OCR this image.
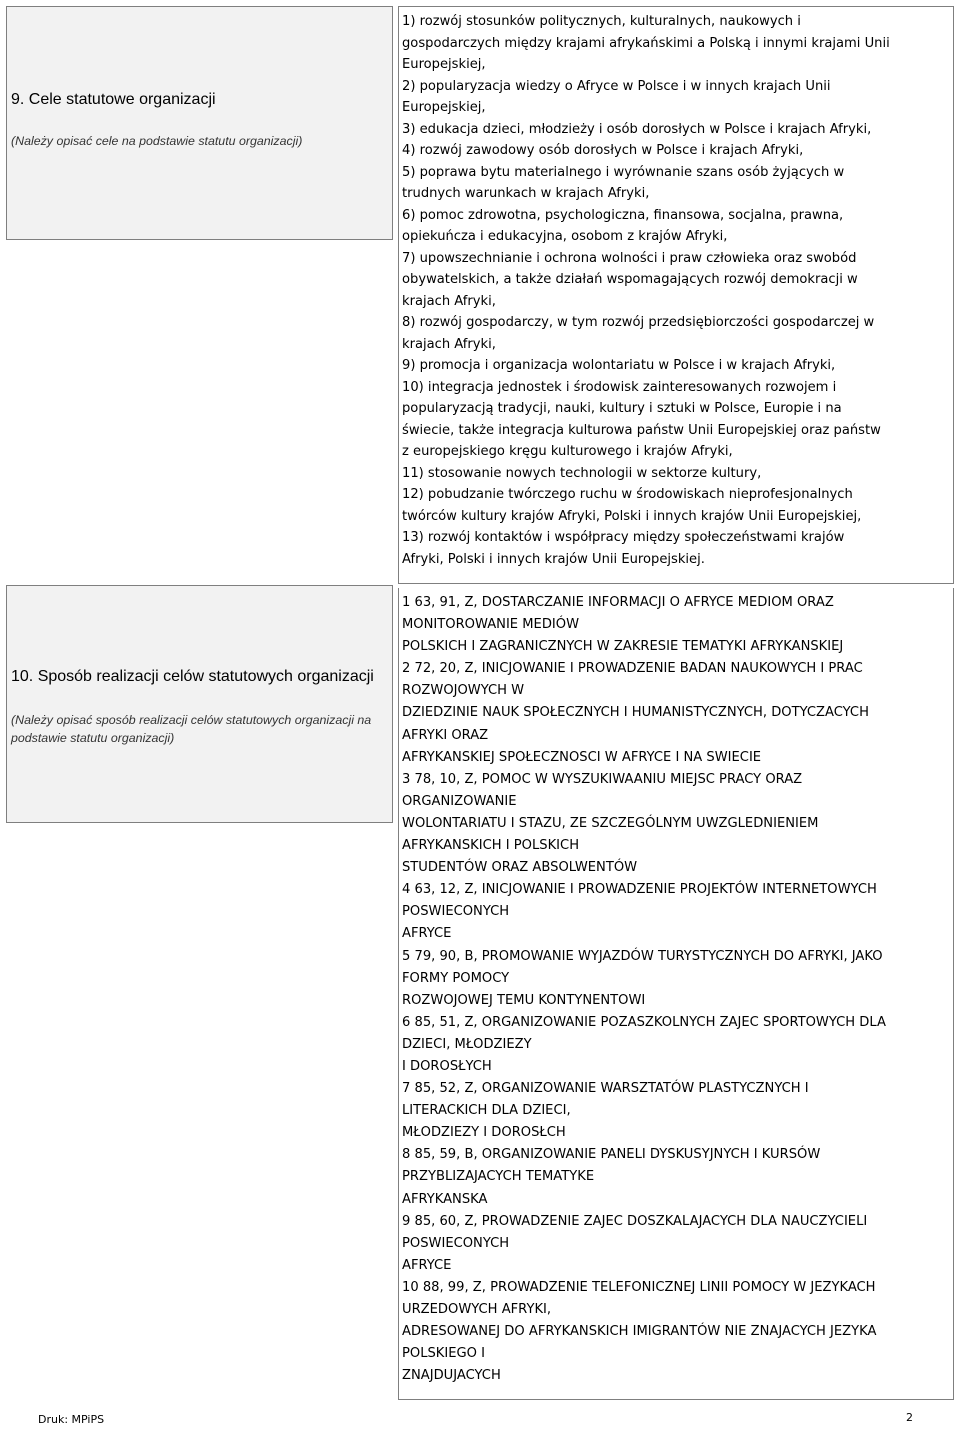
9. Cele statutowe organizacji

(Należy opisać cele na podstawie statutu organizacji)

1) rozwój stosunków politycznych, kulturalnych, naukowych i
gospodarczych między krajami afrykańskimi a Polską i innymi krajami Unii
Europejskiej,
2) popularyzacja wiedzy o Afryce w Polsce i w innych krajach Unii
Europejskiej,
3) edukacja dzieci, młodzieży i osób dorosłych w Polsce i krajach Afryki,
4) rozwój zawodowy osób dorosłych w Polsce i krajach Afryki,
5) poprawa bytu materialnego i wyrównanie szans osób żyjących w
trudnych warunkach w krajach Afryki,
6) pomoc zdrowotna, psychologiczna, finansowa, socjalna, prawna,
opiekuńcza i edukacyjna, osobom z krajów Afryki,
7) upowszechnianie i ochrona wolności i praw człowieka oraz swobód
obywatelskich, a także działań wspomagających rozwój demokracji w
krajach Afryki,
8) rozwój gospodarczy, w tym rozwój przedsiębiorczości gospodarczej w
krajach Afryki,
9) promocja i organizacja wolontariatu w Polsce i w krajach Afryki,
10) integracja jednostek i środowisk zainteresowanych rozwojem i
popularyzacją tradycji, nauki, kultury i sztuki w Polsce, Europie i na
świecie, także integracja kulturowa państw Unii Europejskiej oraz państw
z europejskiego kręgu kulturowego i krajów Afryki,
11) stosowanie nowych technologii w sektorze kultury,
12) pobudzanie twórczego ruchu w środowiskach nieprofesjonalnych
twórców kultury krajów Afryki, Polski i innych krajów Unii Europejskiej,
13) rozwój kontaktów i współpracy między społeczeństwami krajów
Afryki, Polski i innych krajów Unii Europejskiej.

10. Sposób realizacji celów statutowych organizacji

(Należy opisać sposób realizacji celów statutowych organizacji na podstawie statutu organizacji)

1 63, 91, Z, DOSTARCZANIE INFORMACJI O AFRYCE MEDIOM ORAZ
MONITOROWANIE MEDIÓW
POLSKICH I ZAGRANICZNYCH W ZAKRESIE TEMATYKI AFRYKANSKIEJ
2 72, 20, Z, INICJOWANIE I PROWADZENIE BADAN NAUKOWYCH I PRAC
ROZWOJOWYCH W
DZIEDZINIE NAUK SPOŁECZNYCH I HUMANISTYCZNYCH, DOTYCZACYCH
AFRYKI ORAZ
AFRYKANSKIEJ SPOŁECZNOSCI W AFRYCE I NA SWIECIE
3 78, 10, Z, POMOC W WYSZUKIWAANIU MIEJSC PRACY ORAZ
ORGANIZOWANIE
WOLONTARIATU I STAZU, ZE SZCZEGÓLNYM UWZGLEDNIENIEM
AFRYKANSKICH I POLSKICH
STUDENTÓW ORAZ ABSOLWENTÓW
4 63, 12, Z, INICJOWANIE I PROWADZENIE PROJEKTÓW INTERNETOWYCH
POSWIECONYCH
AFRYCE
5 79, 90, B, PROMOWANIE WYJAZDÓW TURYSTYCZNYCH DO AFRYKI, JAKO
FORMY POMOCY
ROZWOJOWEJ TEMU KONTYNENTOWI
6 85, 51, Z, ORGANIZOWANIE POZASZKOLNYCH ZAJEC SPORTOWYCH DLA
DZIECI, MŁODZIEZY
I DOROSŁYCH
7 85, 52, Z, ORGANIZOWANIE WARSZTATÓW PLASTYCZNYCH I
LITERACKICH DLA DZIECI,
MŁODZIEZY I DOROSŁCH
8 85, 59, B, ORGANIZOWANIE PANELI DYSKUSYJNYCH I KURSÓW
PRZYBLIZAJACYCH TEMATYKE
AFRYKANSKA
9 85, 60, Z, PROWADZENIE ZAJEC DOSZKALAJACYCH DLA NAUCZYCIELI
POSWIECONYCH
AFRYCE
10 88, 99, Z, PROWADZENIE TELEFONICZNEJ LINII POMOCY W JEZYKACH
URZEDOWYCH AFRYKI,
ADRESOWANEJ DO AFRYKANSKICH IMIGRANTÓW NIE ZNAJACYCH JEZYKA
POLSKIEGO I
ZNAJDUJACYCH
Druk: MPiPS	2
